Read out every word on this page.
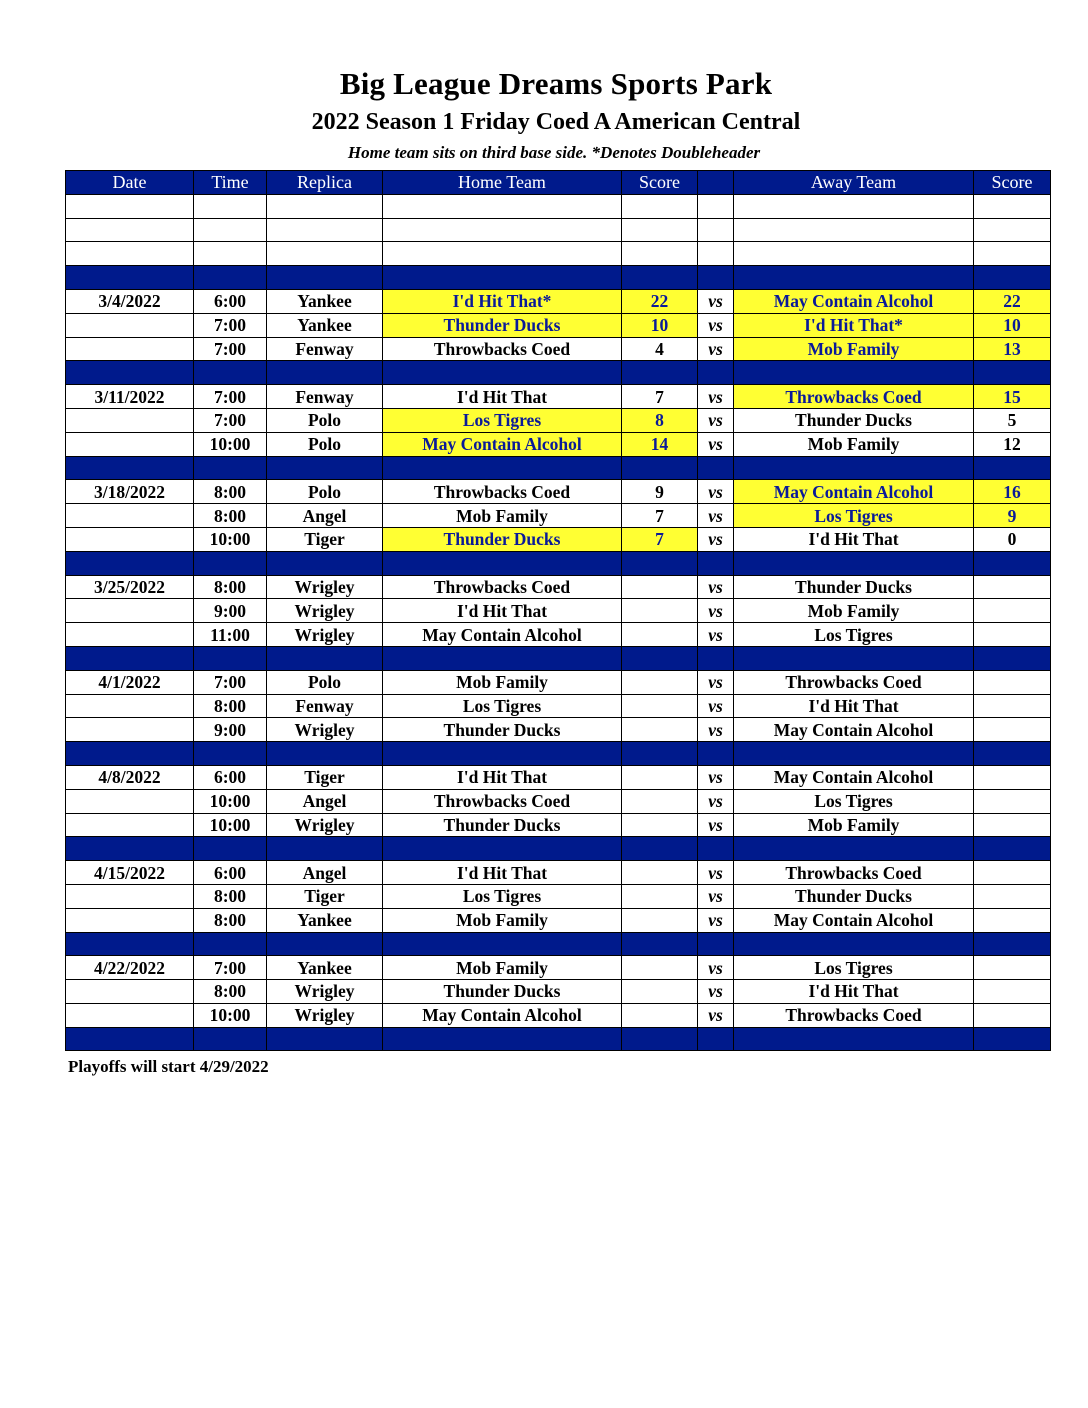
Big League Dreams Sports Park
2022 Season 1 Friday Coed A American Central
Home team sits on third base side. *Denotes Doubleheader
Date	Time	Replica	Home Team	Score		Away Team	Score

3/4/2022	6:00	Yankee	I'd Hit That*	22	vs	May Contain Alcohol	22
	7:00	Yankee	Thunder Ducks	10	vs	I'd Hit That*	10
	7:00	Fenway	Throwbacks Coed	4	vs	Mob Family	13

3/11/2022	7:00	Fenway	I'd Hit That	7	vs	Throwbacks Coed	15
	7:00	Polo	Los Tigres	8	vs	Thunder Ducks	5
	10:00	Polo	May Contain Alcohol	14	vs	Mob Family	12

3/18/2022	8:00	Polo	Throwbacks Coed	9	vs	May Contain Alcohol	16
	8:00	Angel	Mob Family	7	vs	Los Tigres	9
	10:00	Tiger	Thunder Ducks	7	vs	I'd Hit That	0

3/25/2022	8:00	Wrigley	Throwbacks Coed		vs	Thunder Ducks	
	9:00	Wrigley	I'd Hit That		vs	Mob Family	
	11:00	Wrigley	May Contain Alcohol		vs	Los Tigres	

4/1/2022	7:00	Polo	Mob Family		vs	Throwbacks Coed	
	8:00	Fenway	Los Tigres		vs	I'd Hit That	
	9:00	Wrigley	Thunder Ducks		vs	May Contain Alcohol	

4/8/2022	6:00	Tiger	I'd Hit That		vs	May Contain Alcohol	
	10:00	Angel	Throwbacks Coed		vs	Los Tigres	
	10:00	Wrigley	Thunder Ducks		vs	Mob Family	

4/15/2022	6:00	Angel	I'd Hit That		vs	Throwbacks Coed	
	8:00	Tiger	Los Tigres		vs	Thunder Ducks	
	8:00	Yankee	Mob Family		vs	May Contain Alcohol	

4/22/2022	7:00	Yankee	Mob Family		vs	Los Tigres	
	8:00	Wrigley	Thunder Ducks		vs	I'd Hit That	
	10:00	Wrigley	May Contain Alcohol		vs	Throwbacks Coed	

Playoffs will start 4/29/2022
